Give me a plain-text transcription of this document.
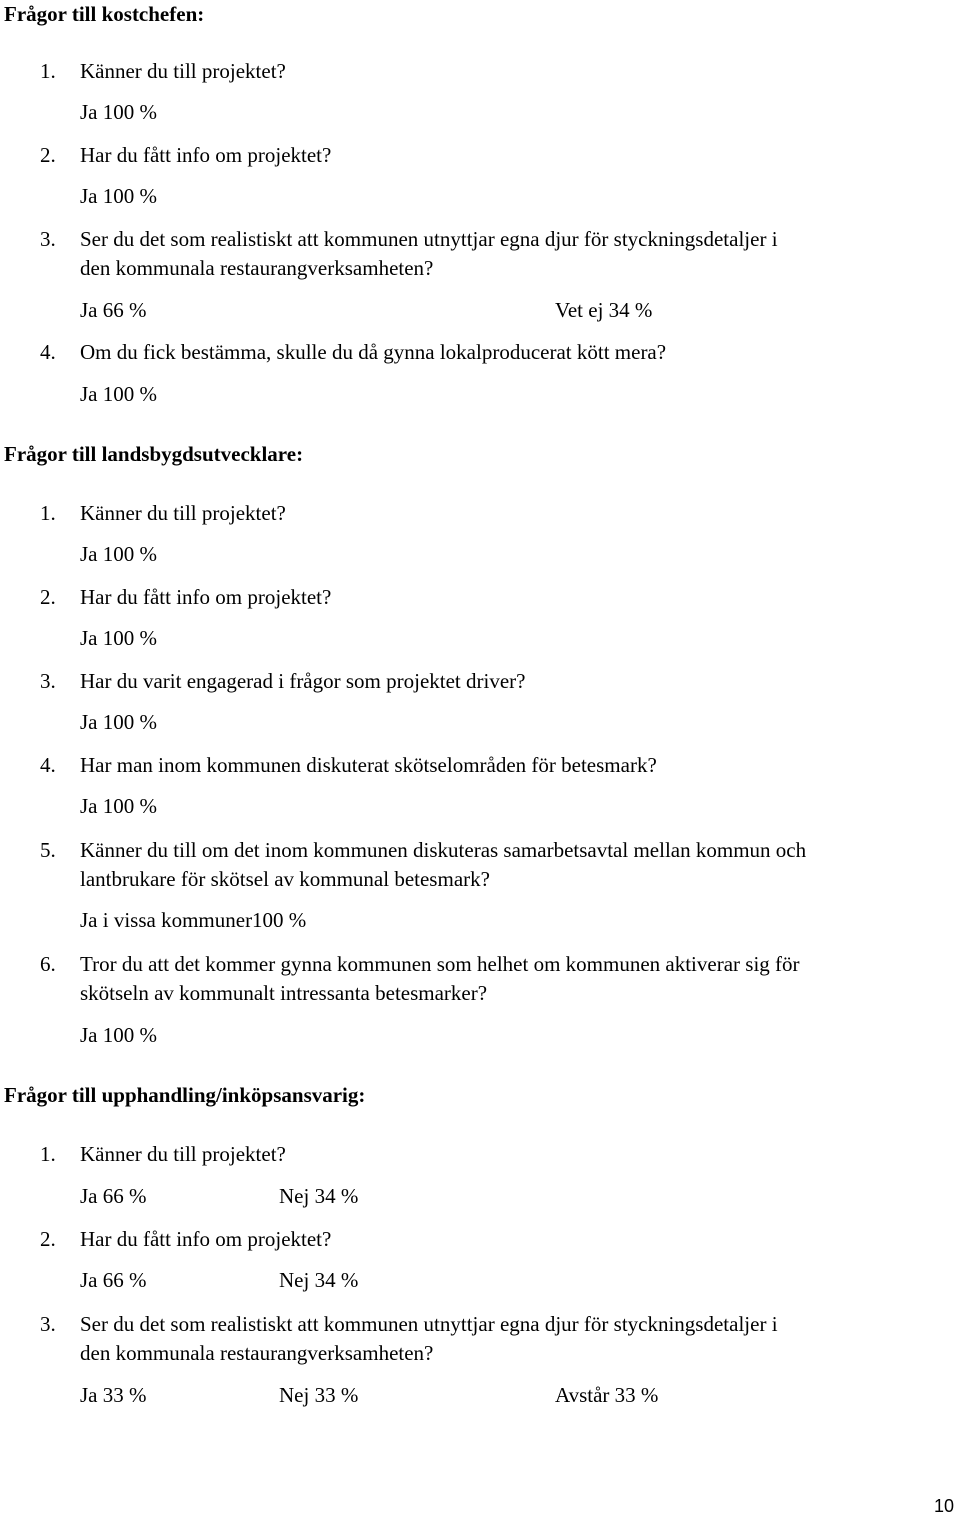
Frågor till kostchefen:
1. Känner du till projektet?
Ja 100 %
2. Har du fått info om projektet?
Ja 100 %
3. Ser du det som realistiskt att kommunen utnyttjar egna djur för styckningsdetaljer i
den kommunala restaurangverksamheten?
Ja 66 %	Vet ej 34 %
4. Om du fick bestämma, skulle du då gynna lokalproducerat kött mera?
Ja 100 %
Frågor till landsbygdsutvecklare:
1. Känner du till projektet?
Ja 100 %
2. Har du fått info om projektet?
Ja 100 %
3. Har du varit engagerad i frågor som projektet driver?
Ja 100 %
4. Har man inom kommunen diskuterat skötselområden för betesmark?
Ja 100 %
5. Känner du till om det inom kommunen diskuteras samarbetsavtal mellan kommun och
lantbrukare för skötsel av kommunal betesmark?
Ja i vissa kommuner100 %
6. Tror du att det kommer gynna kommunen som helhet om kommunen aktiverar sig för
skötseln av kommunalt intressanta betesmarker?
Ja 100 %
Frågor till upphandling/inköpsansvarig:
1. Känner du till projektet?
Ja 66 %	Nej 34 %
2. Har du fått info om projektet?
Ja 66 %	Nej 34 %
3. Ser du det som realistiskt att kommunen utnyttjar egna djur för styckningsdetaljer i
den kommunala restaurangverksamheten?
Ja 33 %	Nej 33 %	Avstår 33 %
10
